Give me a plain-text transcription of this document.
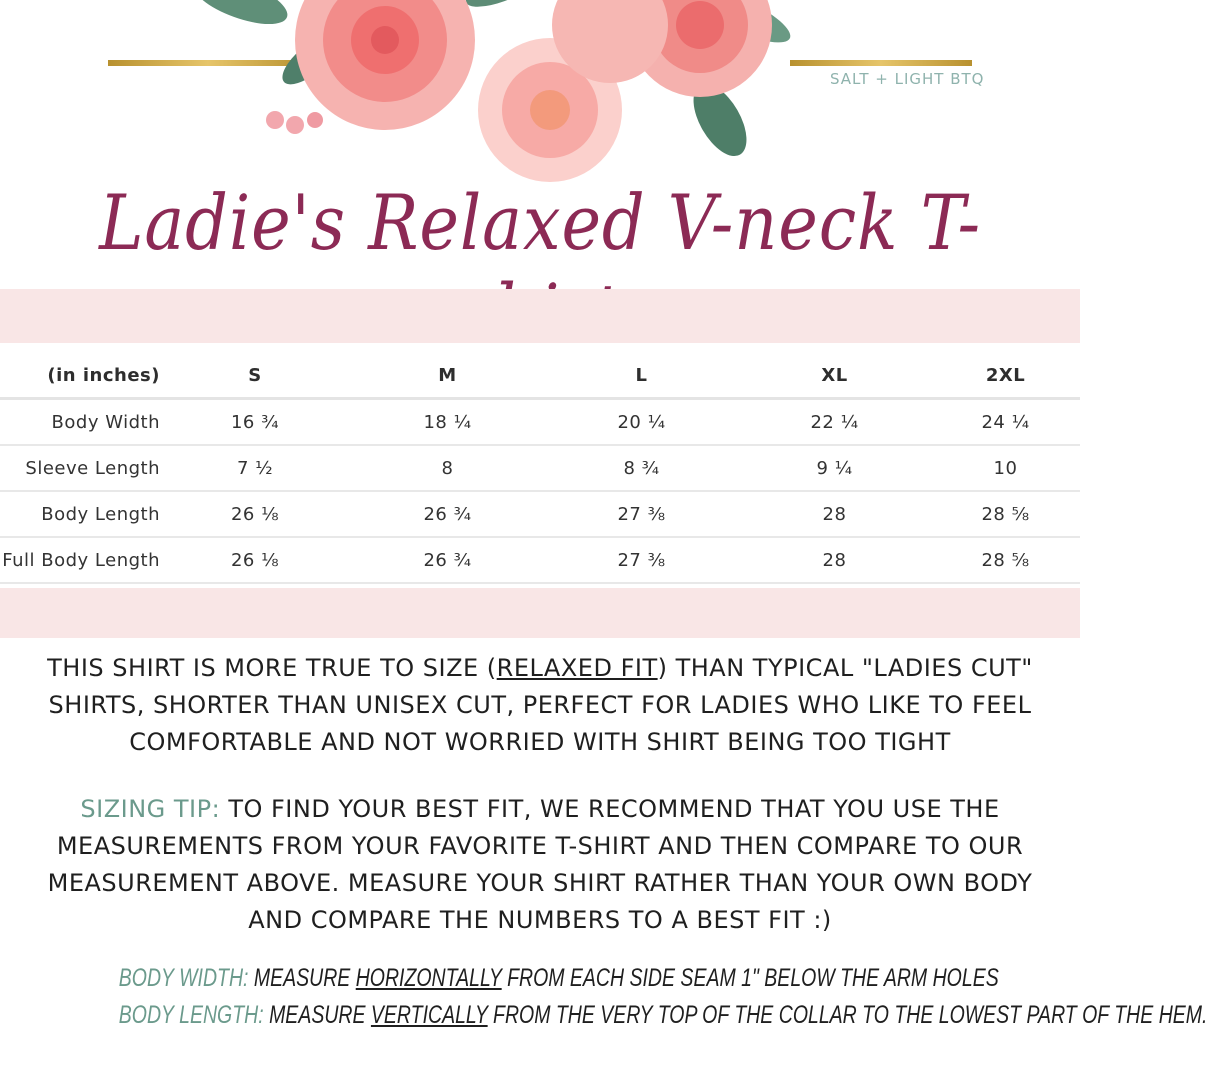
SALT + LIGHT BTQ
Ladie's Relaxed V-neck T-
(in inches)	S	M	L	XL	2XL
Body Width	16 ¾	18 ¼	20 ¼	22 ¼	24 ¼
Sleeve Length	7 ½	8	8 ¾	9 ¼	10
Body Length	26 ⅛	26 ¾	27 ⅜	28	28 ⅝
Full Body Length	26 ⅛	26 ¾	27 ⅜	28	28 ⅝
THIS SHIRT IS MORE TRUE TO SIZE (RELAXED FIT) THAN TYPICAL "LADIES CUT" SHIRTS, SHORTER THAN UNISEX CUT, PERFECT FOR LADIES WHO LIKE TO FEEL COMFORTABLE AND NOT WORRIED WITH SHIRT BEING TOO TIGHT
SIZING TIP: TO FIND YOUR BEST FIT, WE RECOMMEND THAT YOU USE THE MEASUREMENTS FROM YOUR FAVORITE T-SHIRT AND THEN COMPARE TO OUR MEASUREMENT ABOVE. MEASURE YOUR SHIRT RATHER THAN YOUR OWN BODY AND COMPARE THE NUMBERS TO A BEST FIT :)
BODY WIDTH: MEASURE HORIZONTALLY FROM EACH SIDE SEAM 1" BELOW THE ARM HOLES
BODY LENGTH: MEASURE VERTICALLY FROM THE VERY TOP OF THE COLLAR TO THE LOWEST PART OF THE HEM.
